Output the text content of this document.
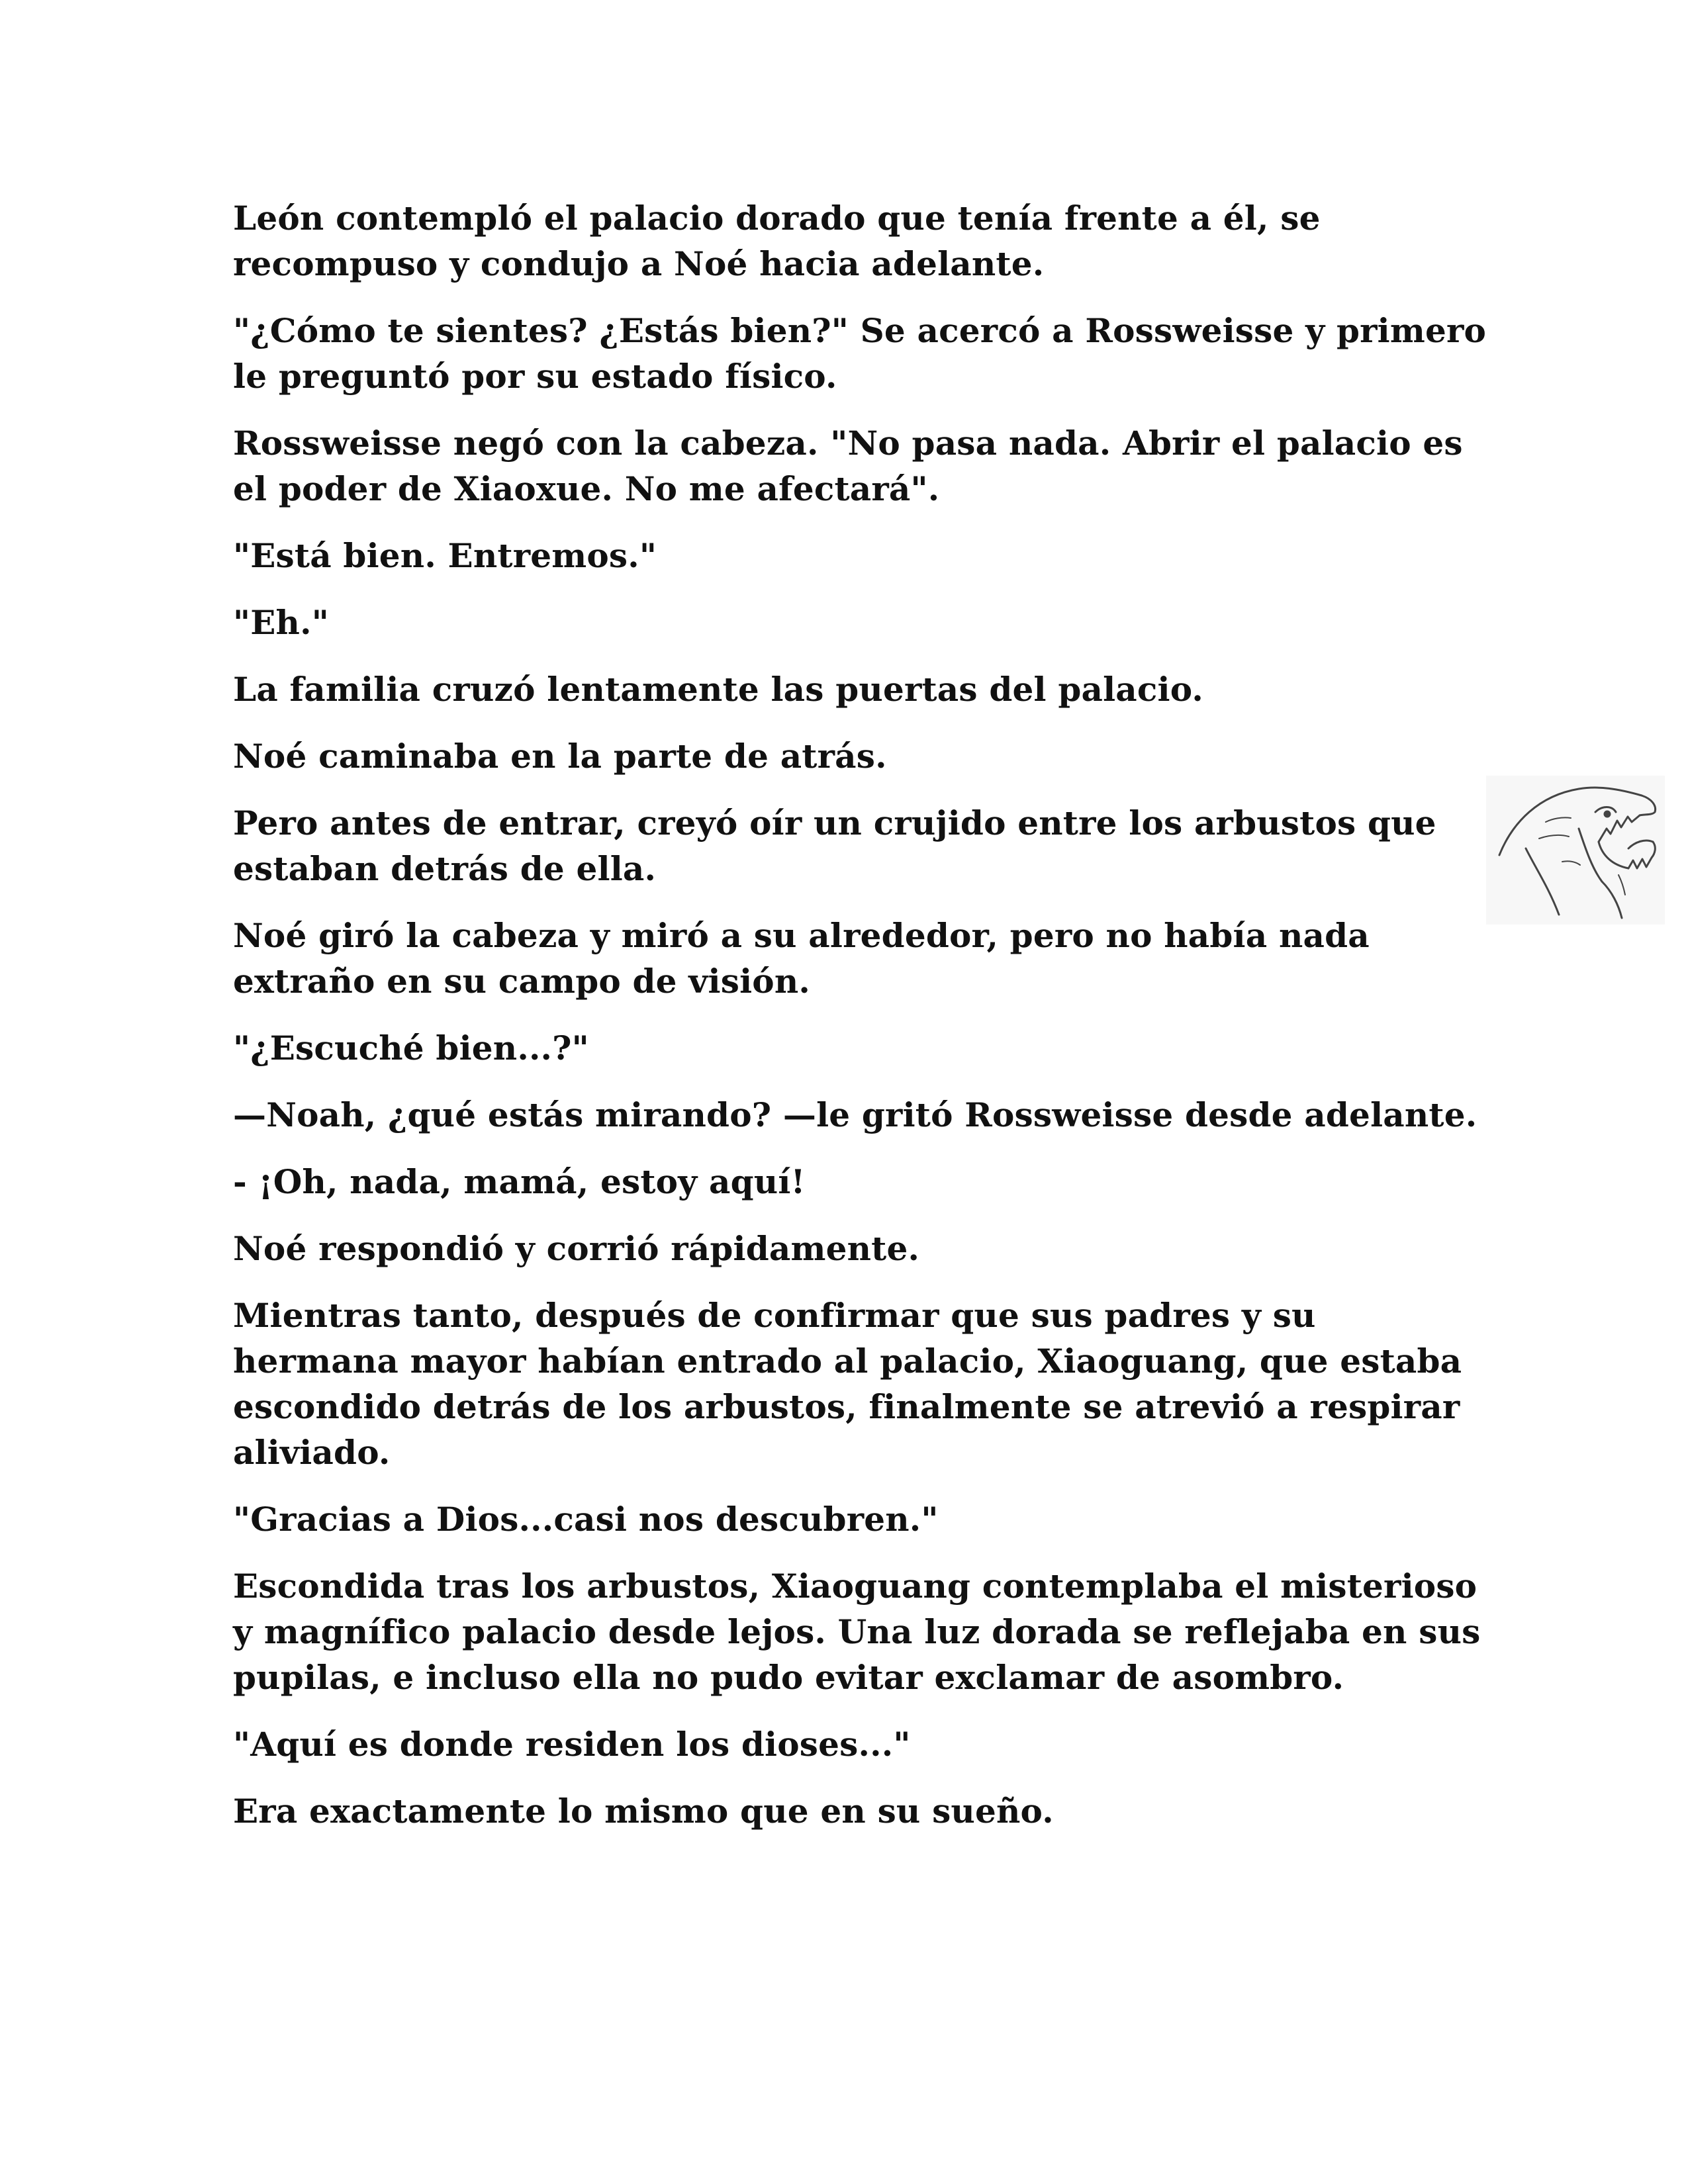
León contempló el palacio dorado que tenía frente a él, se recompuso y condujo a Noé hacia adelante.

"¿Cómo te sientes? ¿Estás bien?" Se acercó a Rossweisse y primero le preguntó por su estado físico.

Rossweisse negó con la cabeza. "No pasa nada. Abrir el palacio es el poder de Xiaoxue. No me afectará".

"Está bien. Entremos."

"Eh."

La familia cruzó lentamente las puertas del palacio.

Noé caminaba en la parte de atrás.

Pero antes de entrar, creyó oír un crujido entre los arbustos que estaban detrás de ella.

Noé giró la cabeza y miró a su alrededor, pero no había nada extraño en su campo de visión.

"¿Escuché bien...?"

—Noah, ¿qué estás mirando? —le gritó Rossweisse desde adelante.

- ¡Oh, nada, mamá, estoy aquí!

Noé respondió y corrió rápidamente.

Mientras tanto, después de confirmar que sus padres y su hermana mayor habían entrado al palacio, Xiaoguang, que estaba escondido detrás de los arbustos, finalmente se atrevió a respirar aliviado.

"Gracias a Dios...casi nos descubren."

Escondida tras los arbustos, Xiaoguang contemplaba el misterioso y magnífico palacio desde lejos. Una luz dorada se reflejaba en sus pupilas, e incluso ella no pudo evitar exclamar de asombro.

"Aquí es donde residen los dioses..."

Era exactamente lo mismo que en su sueño.
